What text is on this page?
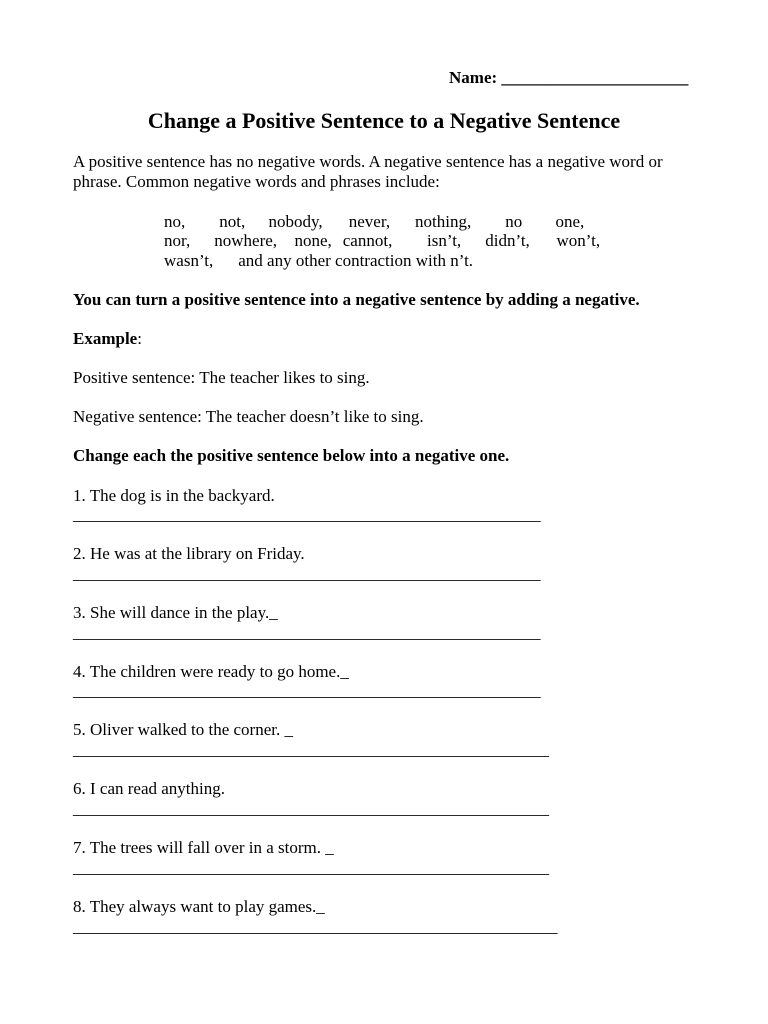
Name: ______________________
Change a Positive Sentence to a Negative Sentence

A positive sentence has no negative words. A negative sentence has a negative word or phrase. Common negative words and phrases include:

no, not, nobody, never, nothing, no one,
nor, nowhere, none, cannot, isn’t, didn’t, won’t,
wasn’t, and any other contraction with n’t.
You can turn a positive sentence into a negative sentence by adding a negative.
Example:
Positive sentence: The teacher likes to sing.
Negative sentence: The teacher doesn’t like to sing.
Change each the positive sentence below into a negative one.
1. The dog is in the backyard.
_______________________________________________________
2. He was at the library on Friday.
_______________________________________________________
3. She will dance in the play._
_______________________________________________________
4. The children were ready to go home._
_______________________________________________________
5. Oliver walked to the corner. _
________________________________________________________
6. I can read anything.
________________________________________________________
7. The trees will fall over in a storm. _
________________________________________________________
8. They always want to play games._
_________________________________________________________
